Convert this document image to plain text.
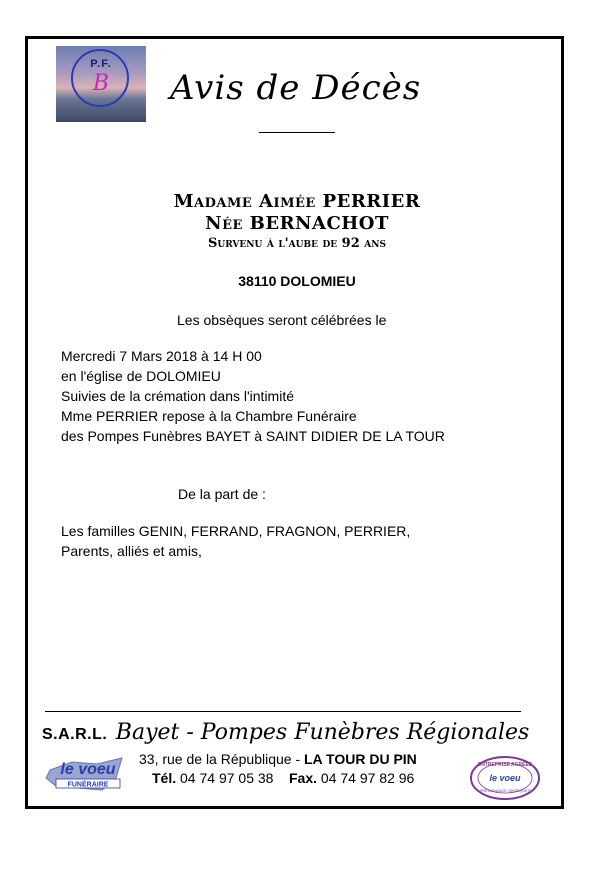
P.F.
B	Avis de Décès
Madame Aimée PERRIER
Née BERNACHOT
Survenu à l'aube de 92 ans
38110 DOLOMIEU
Les obsèques seront célébrées le
Mercredi 7 Mars 2018 à 14 H 00
en l'église de DOLOMIEU
Suivies de la crémation dans l'intimité
Mme PERRIER repose à la Chambre Funéraire
des Pompes Funèbres BAYET à SAINT DIDIER DE LA TOUR
De la part de :
Les familles GENIN, FERRAND, FRAGNON, PERRIER,
Parents, alliés et amis,
S.A.R.L. Bayet - Pompes Funèbres Régionales
33, rue de la République - LA TOUR DU PIN
Tél. 04 74 97 05 38 Fax. 04 74 97 82 96
le voeu
FUNÉRAIRE
ENTREPRISE AGRÉÉE
le voeu
PRÉVOYANCE OBSÈQUES
